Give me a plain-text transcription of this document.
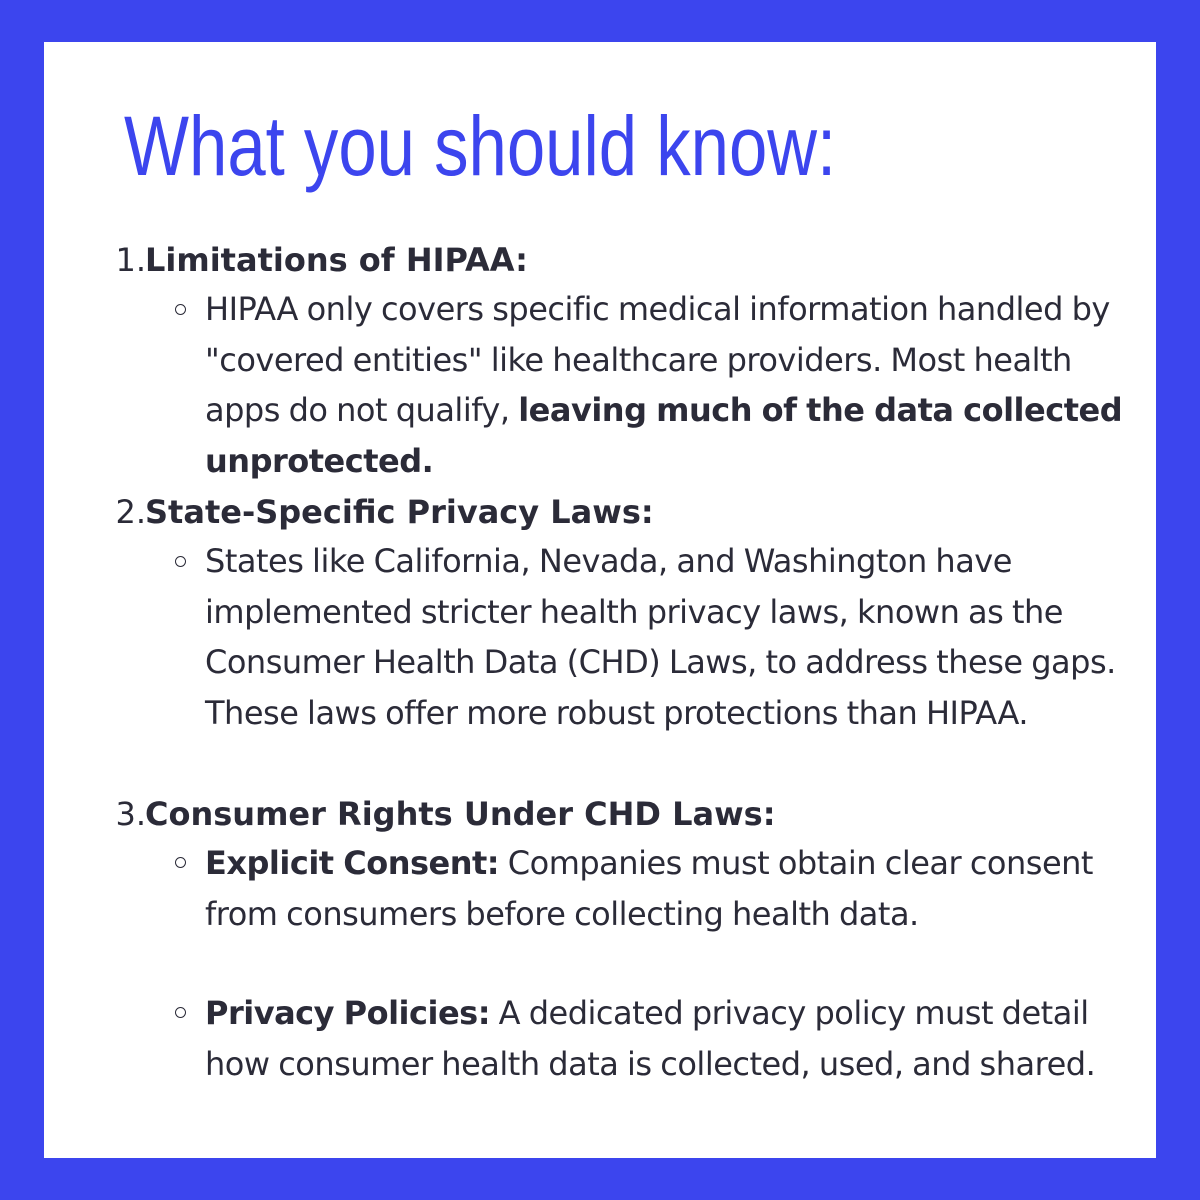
What you should know:
1. Limitations of HIPAA:

HIPAA only covers specific medical information handled by "covered entities" like healthcare providers. Most health apps do not qualify, leaving much of the data collected unprotected.

2. State-Specific Privacy Laws:

States like California, Nevada, and Washington have implemented stricter health privacy laws, known as the Consumer Health Data (CHD) Laws, to address these gaps. These laws offer more robust protections than HIPAA.

3. Consumer Rights Under CHD Laws:

Explicit Consent: Companies must obtain clear consent from consumers before collecting health data.

Privacy Policies: A dedicated privacy policy must detail how consumer health data is collected, used, and shared.
